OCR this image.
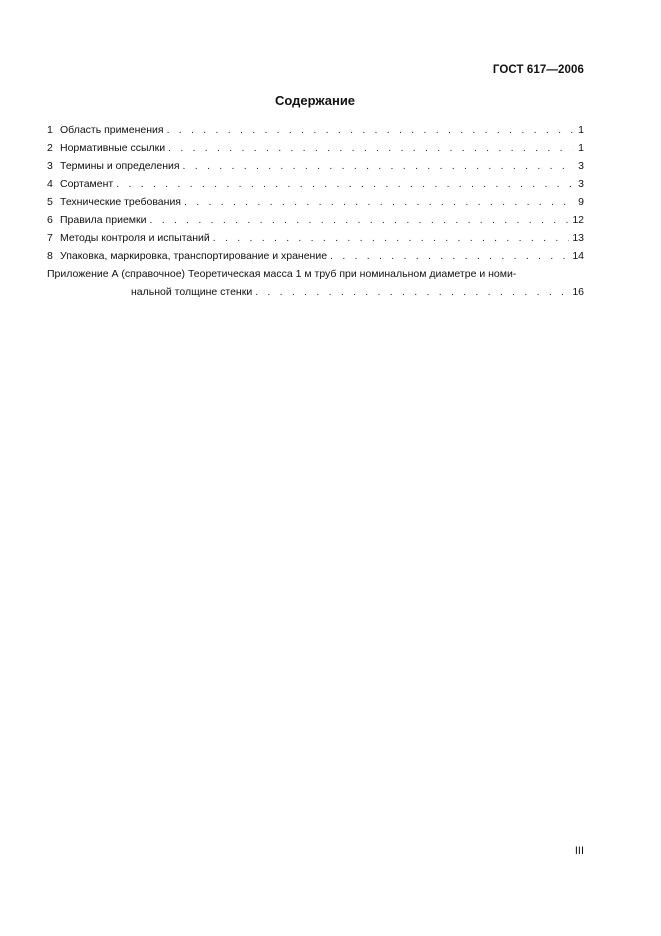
ГОСТ 617—2006
Содержание
1 Область применения . . .	1
2 Нормативные ссылки . . .	1
3 Термины и определения . . .	3
4 Сортамент . . .	3
5 Технические требования . . .	9
6 Правила приемки . . .	12
7 Методы контроля и испытаний . . .	13
8 Упаковка, маркировка, транспортирование и хранение . . .	14
Приложение А (справочное) Теоретическая масса 1 м труб при номинальном диаметре и номи-
нальной толщине стенки . . .	16
III
